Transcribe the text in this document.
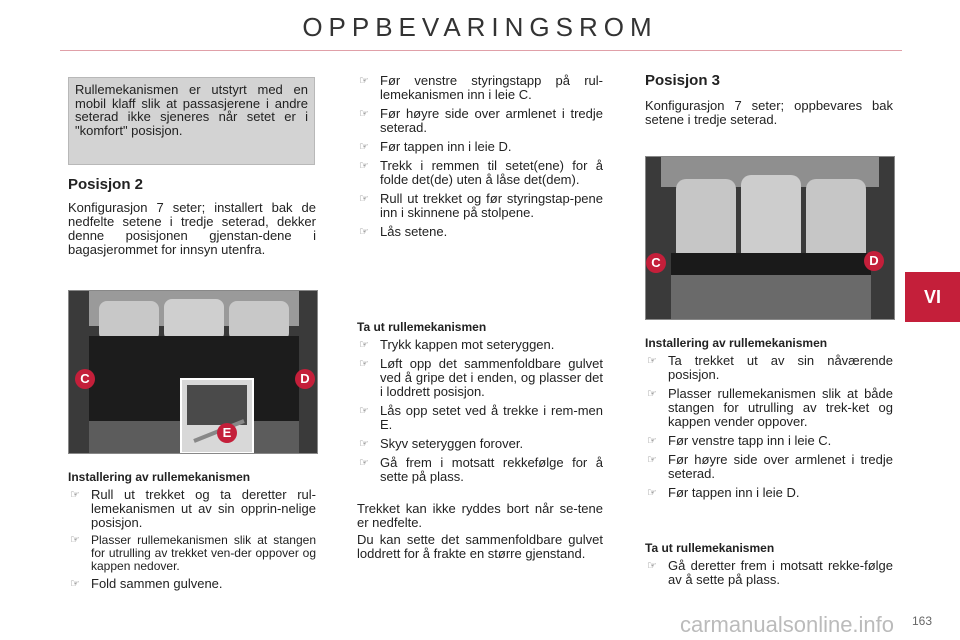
OPPBEVARINGSROM
VI
Rullemekanismen er utstyrt med en mobil klaff slik at passasjerene i andre seterad ikke sjeneres når setet er i "komfort" posisjon.
Posisjon 2

Konfigurasjon 7 seter; installert bak de nedfelte setene i tredje seterad, dekker denne posisjonen gjenstan-dene i bagasjerommet for innsyn utenfra.

C	D
E
Installering av rullemekanismen
☞ Rull ut trekket og ta deretter rul-lemekanismen ut av sin opprin-nelige posisjon.
☞ Plasser rullemekanismen slik at stangen for utrulling av trekket ven-der oppover og kappen nedover.
☞ Fold sammen gulvene.
☞ Før venstre styringstapp på rul-lemekanismen inn i leie C.
☞ Før høyre side over armlenet i tredje seterad.
☞ Før tappen inn i leie D.
☞ Trekk i remmen til setet(ene) for å folde det(de) uten å låse det(dem).
☞ Rull ut trekket og før styringstap-pene inn i skinnene på stolpene.
☞ Lås setene.
Ta ut rullemekanismen
☞ Trykk kappen mot seteryggen.
☞ Løft opp det sammenfoldbare gulvet ved å gripe det i enden, og plasser det i loddrett posisjon.
☞ Lås opp setet ved å trekke i rem-men E.
☞ Skyv seteryggen forover.
☞ Gå frem i motsatt rekkefølge for å sette på plass.

Trekket kan ikke ryddes bort når se-tene er nedfelte.

Du kan sette det sammenfoldbare gulvet loddrett for å frakte en større gjenstand.

Posisjon 3

Konfigurasjon 7 seter; oppbevares bak setene i tredje seterad.

C	D
Installering av rullemekanismen
☞ Ta trekket ut av sin nåværende posisjon.
☞ Plasser rullemekanismen slik at både stangen for utrulling av trek-ket og kappen vender oppover.
☞ Før venstre tapp inn i leie C.
☞ Før høyre side over armlenet i tredje seterad.
☞ Før tappen inn i leie D.
Ta ut rullemekanismen
☞ Gå deretter frem i motsatt rekke-følge av å sette på plass.
163
carmanualsonline.info
